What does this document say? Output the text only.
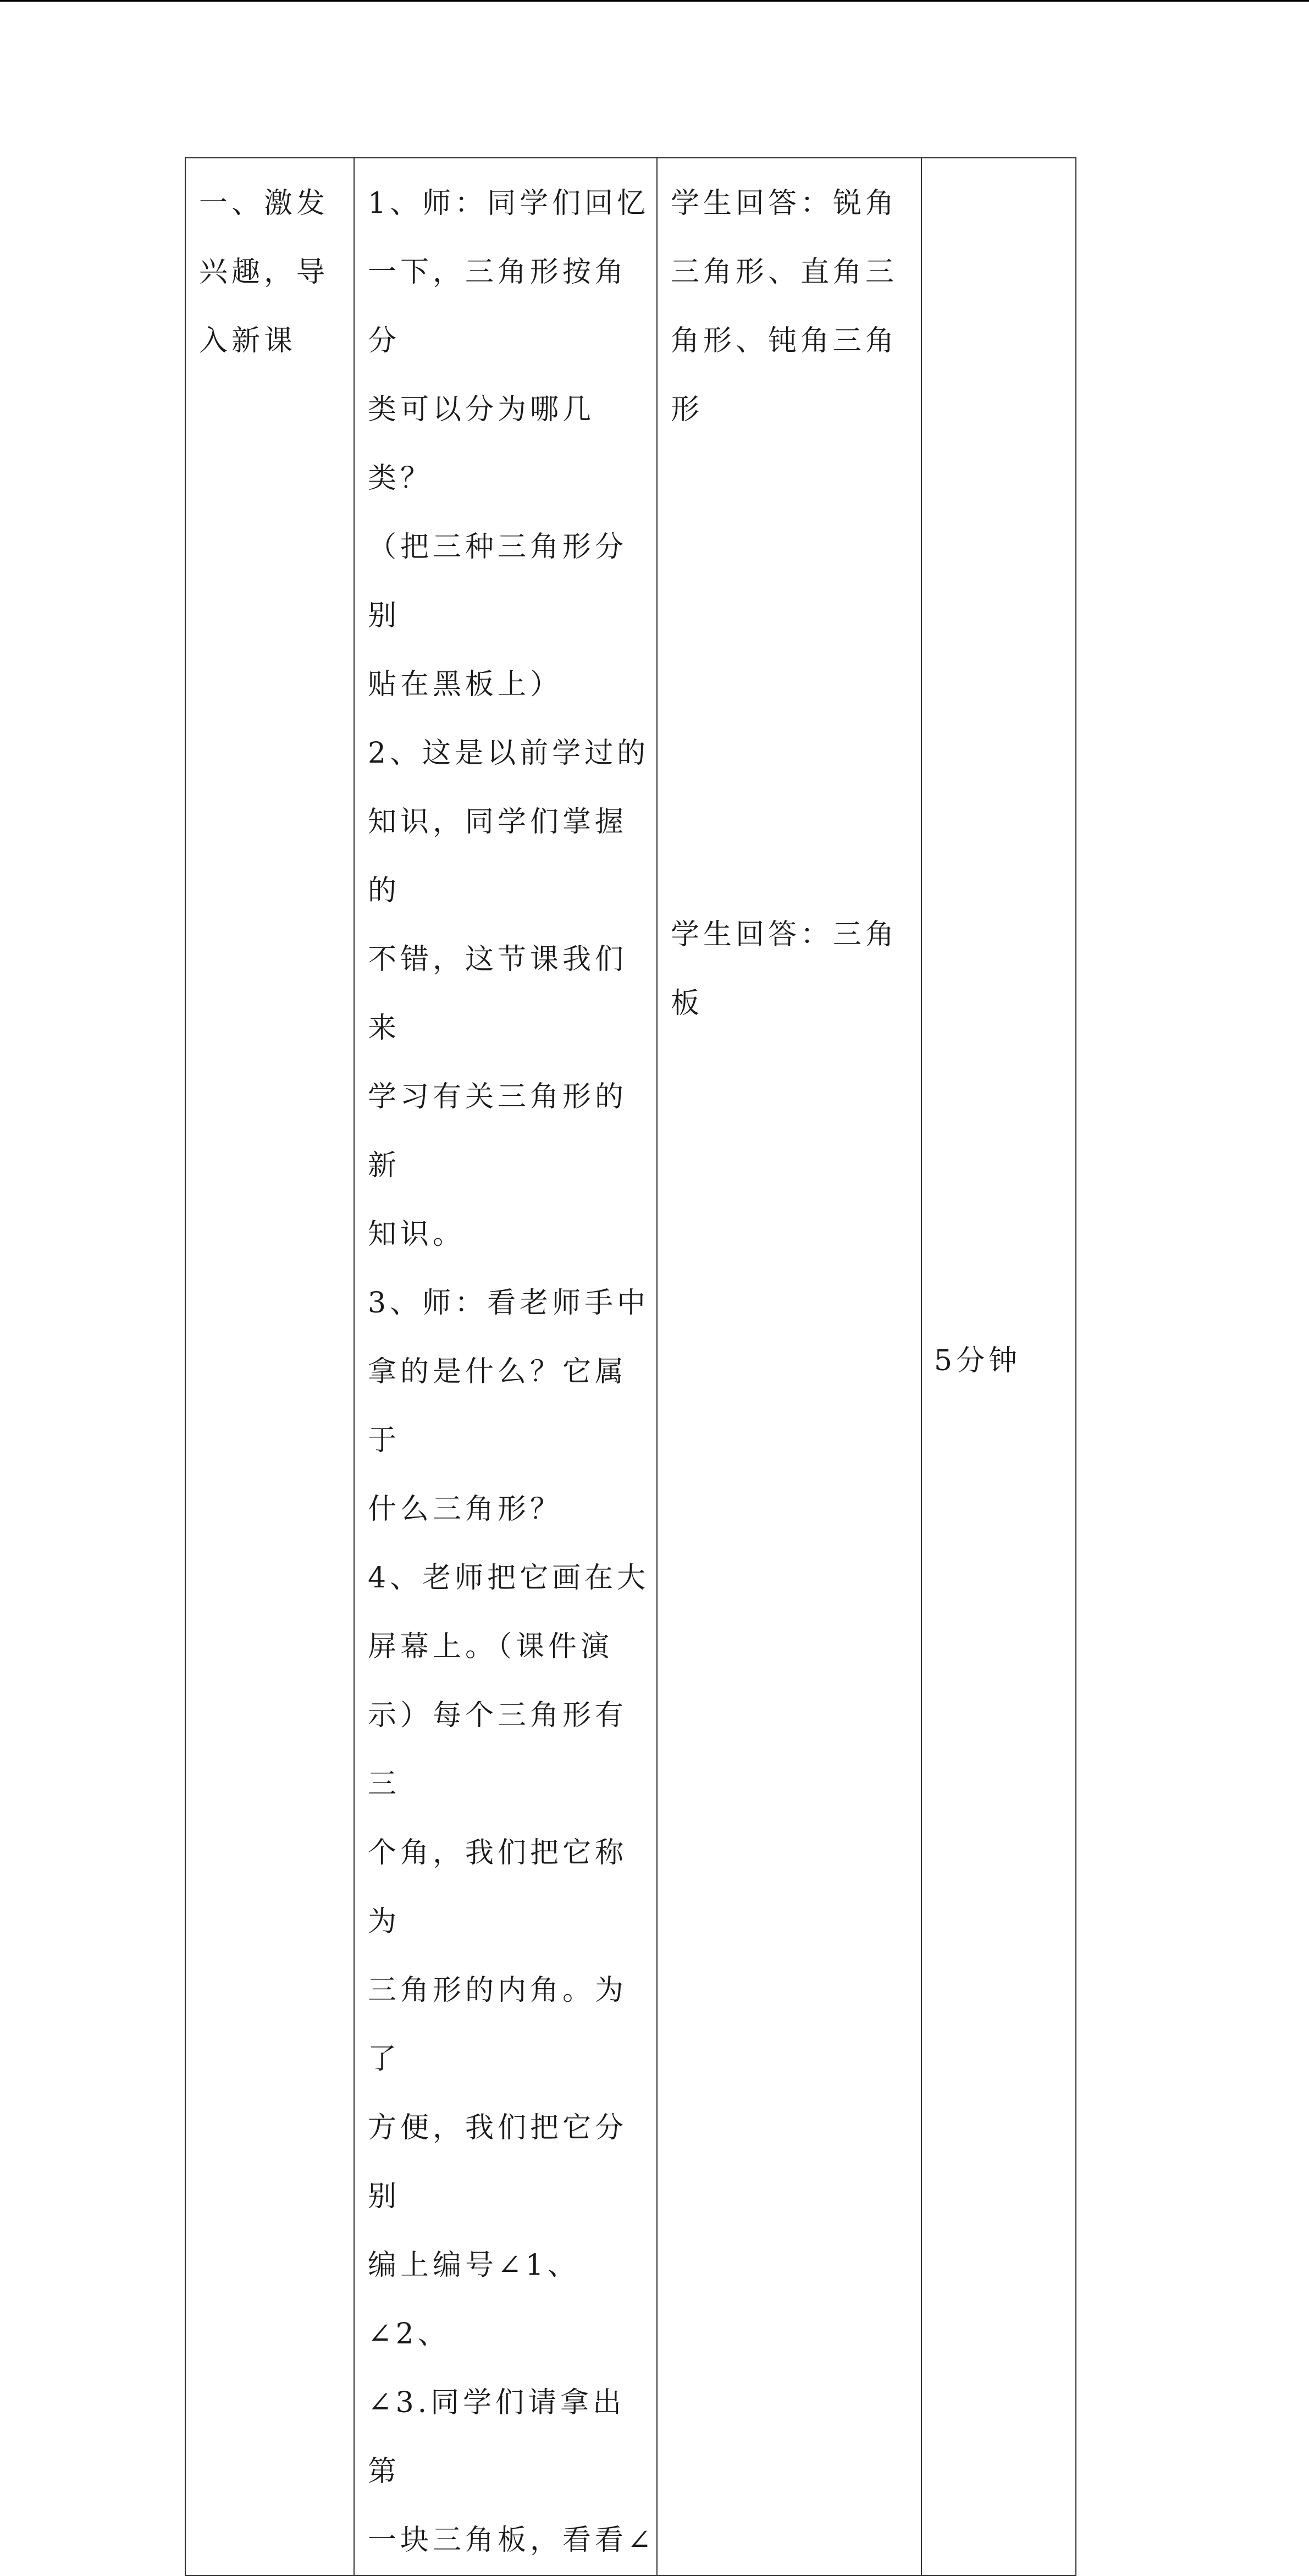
一、激发
兴趣，导
入新课

1、师：同学们回忆
一下，三角形按角分
类可以分为哪几类？
（把三种三角形分别
贴在黑板上）
2、这是以前学过的
知识，同学们掌握的
不错，这节课我们来
学习有关三角形的新
知识。
3、师：看老师手中
拿的是什么？它属于
什么三角形？
4、老师把它画在大
屏幕上。（课件演
示）每个三角形有三
个角，我们把它称为
三角形的内角。为了
方便，我们把它分别
编上编号∠1、∠2、
∠3.同学们请拿出第
一块三角板，看看∠

学生回答：锐角
三角形、直角三
角形、钝角三角
形
学生回答：三角
板

5分钟
